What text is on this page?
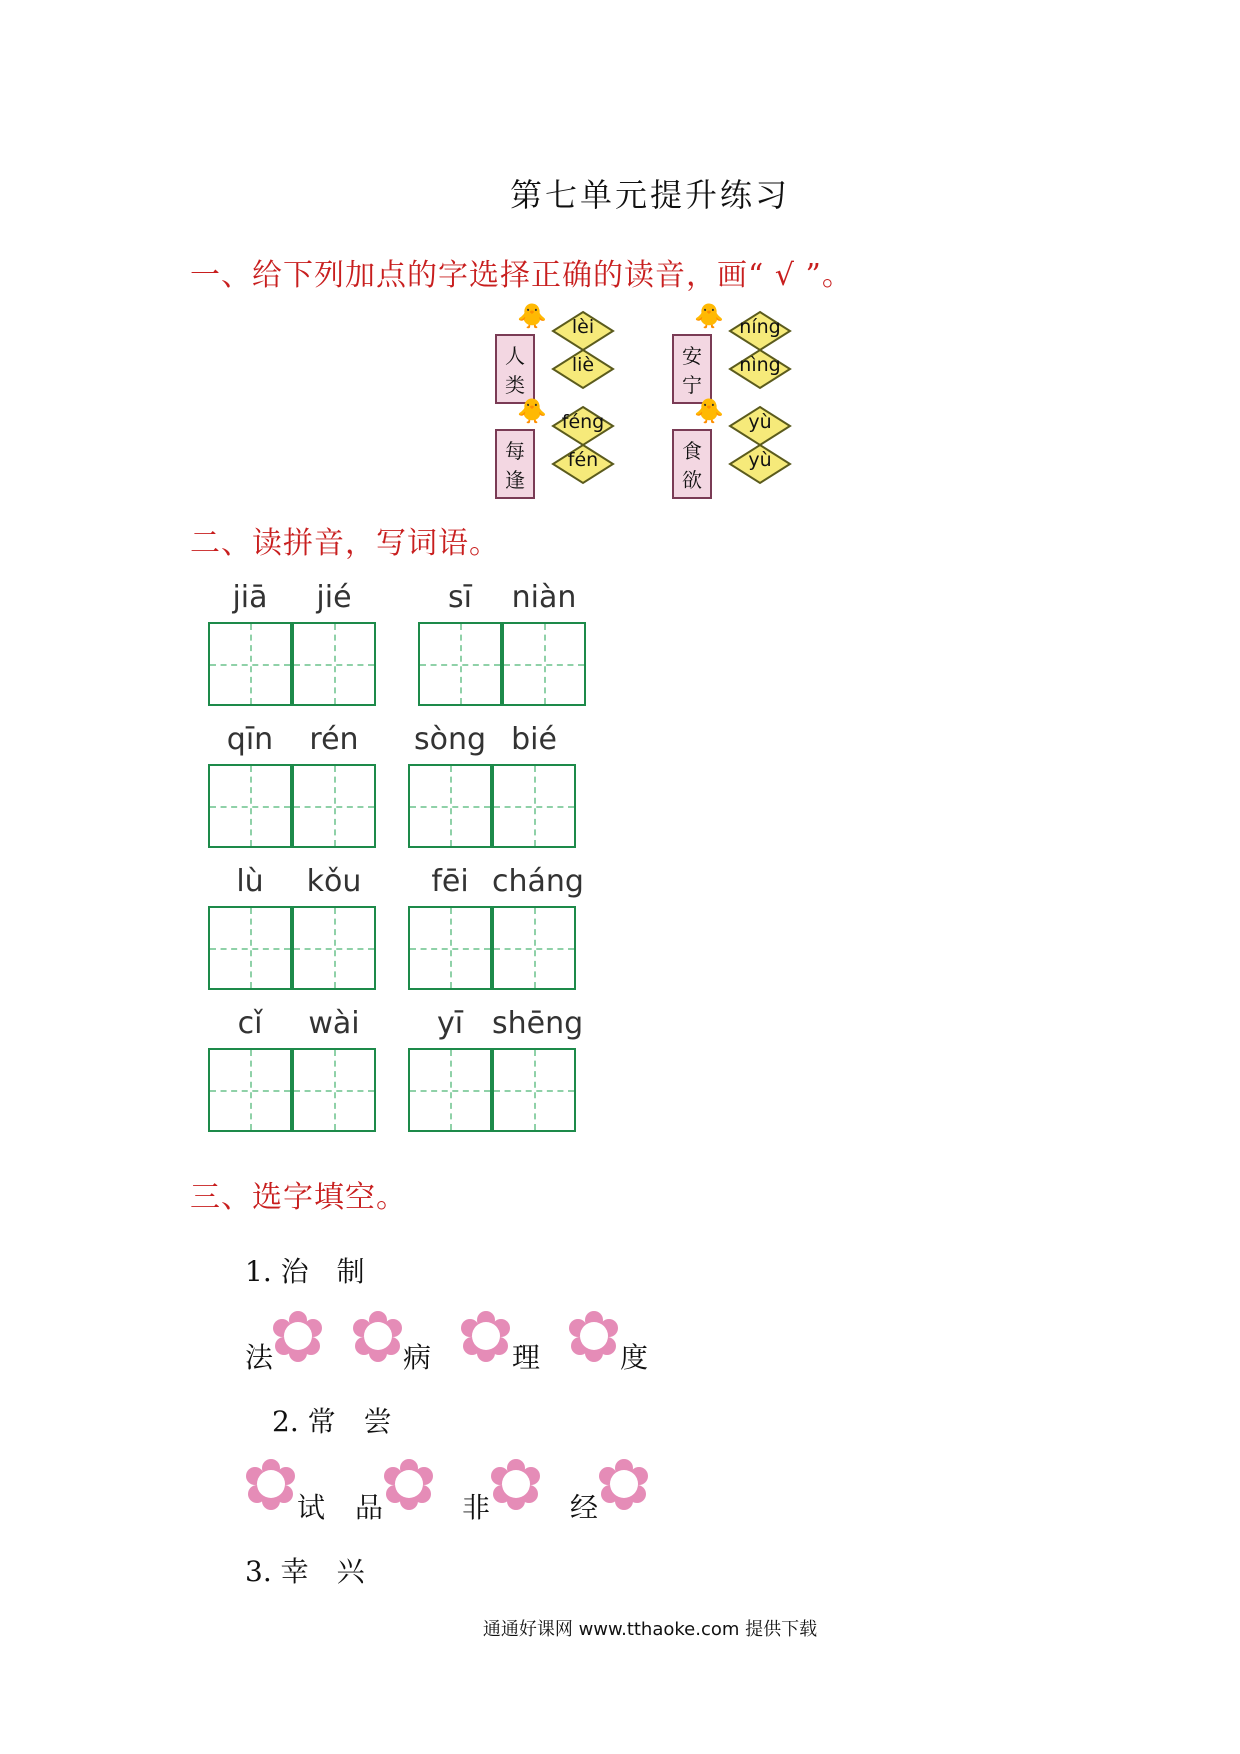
第七单元提升练习
一、给下列加点的字选择正确的读音，画“ √ ”。
🐥
人类
lèi
liè
🐥
安宁
níng
nìng
🐥
每逢
féng
fén
🐥
食欲
yù
yù
二、读拼音，写词语。
jiā	jié	sī	niàn
qīn	rén	sòng bié
lù	kǒu	fēi cháng
cǐ	wài	yī shēng
三、选字填空。
1. 治　制
法	病	理	度
2. 常　尝
试 品	非	经
3. 幸　兴
通通好课网 www.tthaoke.com 提供下载
